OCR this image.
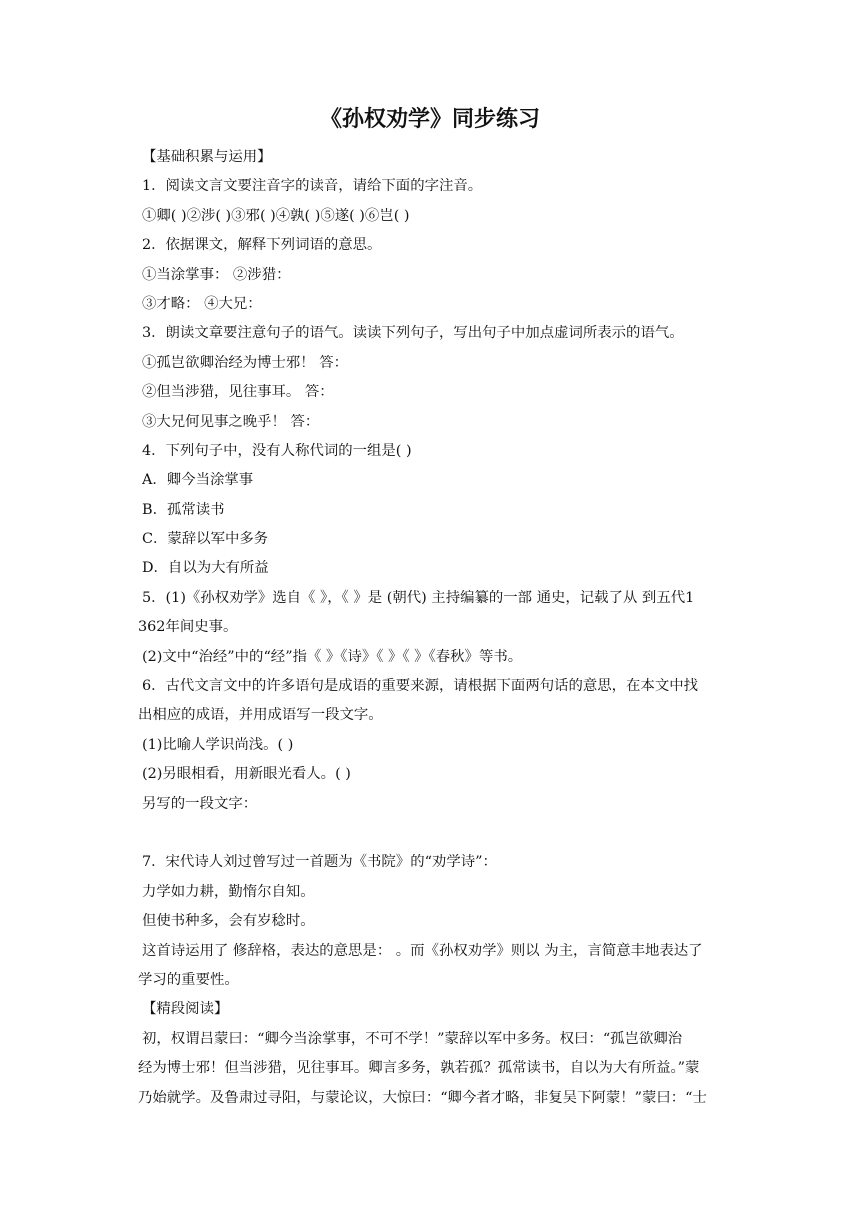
《孙权劝学》同步练习
【基础积累与运用】
1．阅读文言文要注音字的读音，请给下面的字注音。
①卿( )②涉( )③邪( )④孰( )⑤遂( )⑥岂( )
2．依据课文，解释下列词语的意思。
①当涂掌事： ②涉猎：
③才略： ④大兄：
3．朗读文章要注意句子的语气。读读下列句子，写出句子中加点虚词所表示的语气。
①孤岂欲卿治经为博士邪！ 答：
②但当涉猎，见往事耳。 答：
③大兄何见事之晚乎！ 答：
4．下列句子中，没有人称代词的一组是( )
A．卿今当涂掌事
B．孤常读书
C．蒙辞以军中多务
D．自以为大有所益
5．(1)《孙权劝学》选自《 》，《 》是 (朝代) 主持编纂的一部 通史，记载了从 到五代1
362年间史事。
(2)文中“治经”中的“经”指《 》《诗》《 》《 》《春秋》等书。
6．古代文言文中的许多语句是成语的重要来源，请根据下面两句话的意思，在本文中找
出相应的成语，并用成语写一段文字。
(1)比喻人学识尚浅。( )
(2)另眼相看，用新眼光看人。( )
另写的一段文字：
7．宋代诗人刘过曾写过一首题为《书院》的“劝学诗”：
力学如力耕，勤惰尔自知。
但使书种多，会有岁稔时。
这首诗运用了 修辞格，表达的意思是： 。而《孙权劝学》则以 为主，言简意丰地表达了
学习的重要性。
【精段阅读】
初，权谓吕蒙曰：“卿今当涂掌事，不可不学！”蒙辞以军中多务。权曰：“孤岂欲卿治
经为博士邪！但当涉猎，见往事耳。卿言多务，孰若孤？孤常读书，自以为大有所益。”蒙
乃始就学。及鲁肃过寻阳，与蒙论议，大惊曰：“卿今者才略，非复吴下阿蒙！”蒙曰：“士
